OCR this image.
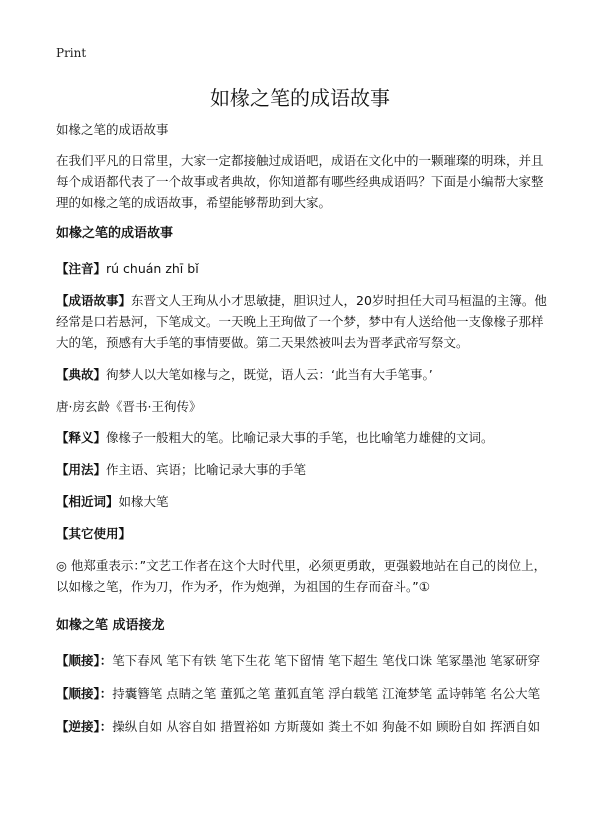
Print
如椽之笔的成语故事

如椽之笔的成语故事

在我们平凡的日常里，大家一定都接触过成语吧，成语在文化中的一颗璀璨的明珠，并且每个成语都代表了一个故事或者典故，你知道都有哪些经典成语吗？下面是小编帮大家整理的如椽之笔的成语故事，希望能够帮助到大家。

如椽之笔的成语故事

【注音】rú chuán zhī bǐ

【成语故事】东晋文人王珣从小才思敏捷，胆识过人，20岁时担任大司马桓温的主簿。他经常是口若悬河，下笔成文。一天晚上王珣做了一个梦，梦中有人送给他一支像椽子那样大的笔，预感有大手笔的事情要做。第二天果然被叫去为晋孝武帝写祭文。

【典故】徇梦人以大笔如椽与之，既觉，语人云：‘此当有大手笔事。’

唐·房玄龄《晋书·王徇传》

【释义】像椽子一般粗大的笔。比喻记录大事的手笔，也比喻笔力雄健的文词。

【用法】作主语、宾语；比喻记录大事的手笔

【相近词】如椽大笔

【其它使用】

◎ 他郑重表示：”文艺工作者在这个大时代里，必须更勇敢，更强毅地站在自己的岗位上，以如椽之笔，作为刀，作为矛，作为炮弹，为祖国的生存而奋斗。”①

如椽之笔 成语接龙

【顺接】：笔下春风 笔下有铁 笔下生花 笔下留情 笔下超生 笔伐口诛 笔冢墨池 笔冢研穿

【顺接】：持囊簪笔 点睛之笔 董狐之笔 董狐直笔 浮白载笔 江淹梦笔 孟诗韩笔 名公大笔

【逆接】：操纵自如 从容自如 措置裕如 方斯蔑如 粪土不如 狗彘不如 顾盼自如 挥洒自如
